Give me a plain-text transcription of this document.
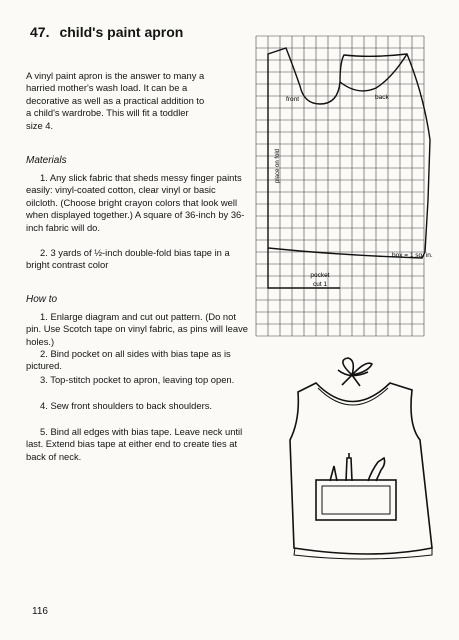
47. child's paint apron

A vinyl paint apron is the answer to many a

harried mother's wash load. It can be a

decorative as well as a practical addition to

a child's wardrobe. This will fit a toddler

size 4.

Materials
1. Any slick fabric that sheds messy finger paints easily: vinyl-coated cotton, clear vinyl or basic oilcloth. (Choose bright crayon colors that look well when displayed together.) A square of 36-inch by 36-inch fabric will do.
2. 3 yards of ½-inch double-fold bias tape in a bright contrast color
How to
1. Enlarge diagram and cut out pattern. (Do not pin. Use Scotch tape on vinyl fabric, as pins will leave holes.)
2. Bind pocket on all sides with bias tape as is pictured.
3. Top-stitch pocket to apron, leaving top open.
4. Sew front shoulders to back shoulders.
5. Bind all edges with bias tape. Leave neck until last. Extend bias tape at either end to create ties at back of neck.
front	back
place on fold
pocket
cut 1
box = 1 sq. in.
116
